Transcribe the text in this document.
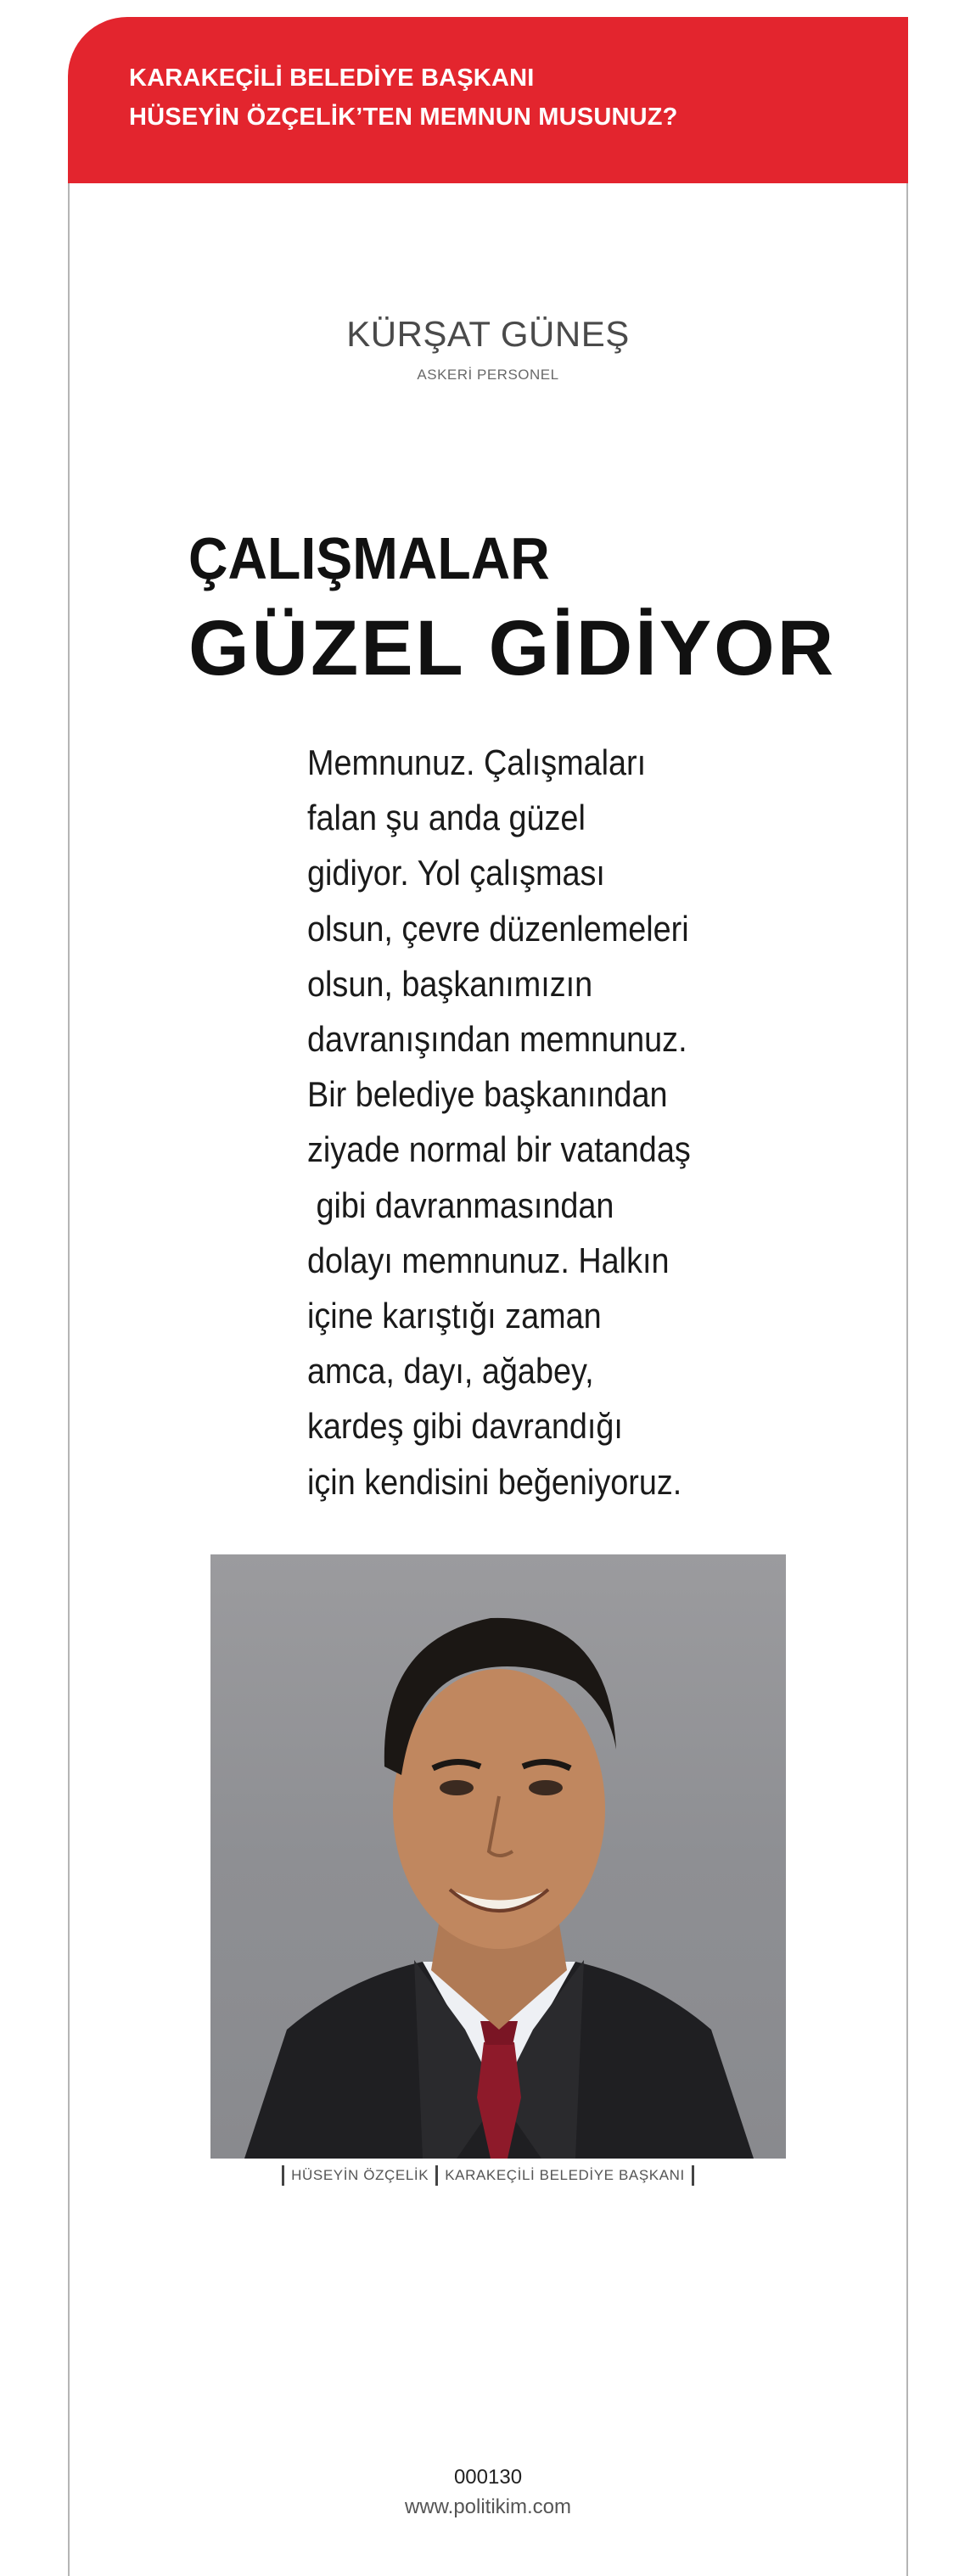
KARAKEÇİLİ BELEDİYE BAŞKANI
HÜSEYİN ÖZÇELİK’TEN MEMNUN MUSUNUZ?
KÜRŞAT GÜNEŞ
ASKERİ PERSONEL
ÇALIŞMALAR
GÜZEL GİDİYOR
Memnunuz. Çalışmaları
falan şu anda güzel
gidiyor. Yol çalışması
olsun, çevre düzenlemeleri
olsun, başkanımızın
davranışından memnunuz.
Bir belediye başkanından
ziyade normal bir vatandaş
gibi davranmasından
dolayı memnunuz. Halkın
içine karıştığı zaman
amca, dayı, ağabey,
kardeş gibi davrandığı
için kendisini beğeniyoruz.
HÜSEYİN ÖZÇELİK KARAKEÇİLİ BELEDİYE BAŞKANI
000130
www.politikim.com
